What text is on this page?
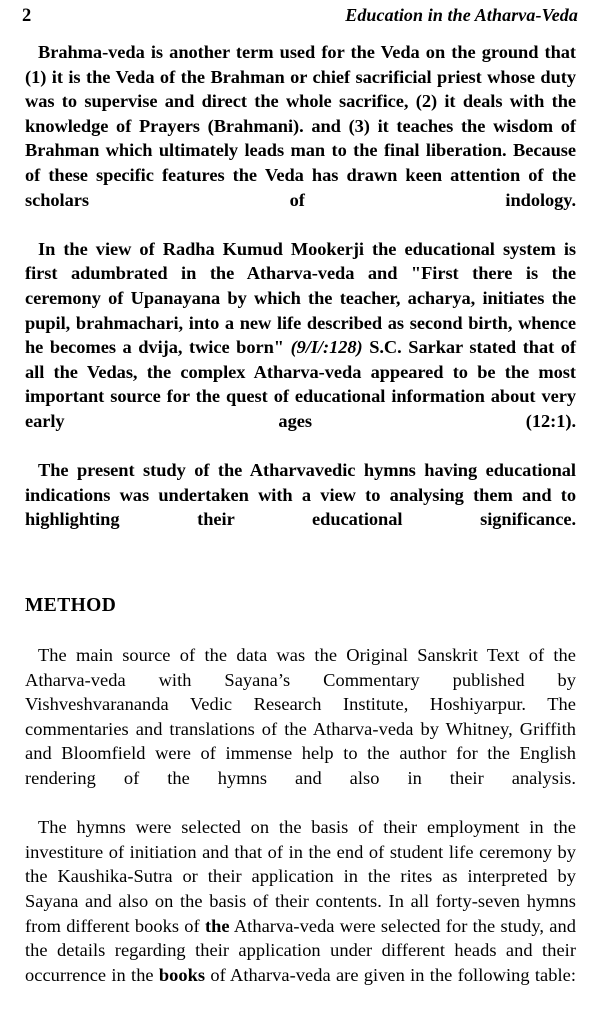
2	Education in the Atharva-Veda

Brahma-veda is another term used for the Veda on the ground that (1) it is the Veda of the Brahman or chief sacrificial priest whose duty was to supervise and direct the whole sacrifice, (2) it deals with the knowledge of Prayers (Brahmani). and (3) it teaches the wisdom of Brahman which ultimately leads man to the final liberation. Because of these specific features the Veda has drawn keen attention of the scholars of indology.

In the view of Radha Kumud Mookerji the educational system is first adumbrated in the Atharva-veda and "First there is the ceremony of Upanayana by which the teacher, acharya, initiates the pupil, brahmachari, into a new life described as second birth, whence he becomes a dvija, twice born" (9/I/:128) S.C. Sarkar stated that of all the Vedas, the complex Atharva-veda appeared to be the most important source for the quest of educational information about very early ages (12:1).

The present study of the Atharvavedic hymns having educational indications was undertaken with a view to analysing them and to highlighting their educational significance.

METHOD

The main source of the data was the Original Sanskrit Text of the Atharva-veda with Sayana’s Commentary published by Vishveshvarananda Vedic Research Institute, Hoshiyarpur. The commentaries and translations of the Atharva-veda by Whitney, Griffith and Bloomfield were of immense help to the author for the English rendering of the hymns and also in their analysis.

The hymns were selected on the basis of their employment in the investiture of initiation and that of in the end of student life ceremony by the Kaushika-Sutra or their application in the rites as interpreted by Sayana and also on the basis of their contents. In all forty-seven hymns from different books of the Atharva-veda were selected for the study, and the details regarding their application under different heads and their occurrence in the books of Atharva-veda are given in the following table:
